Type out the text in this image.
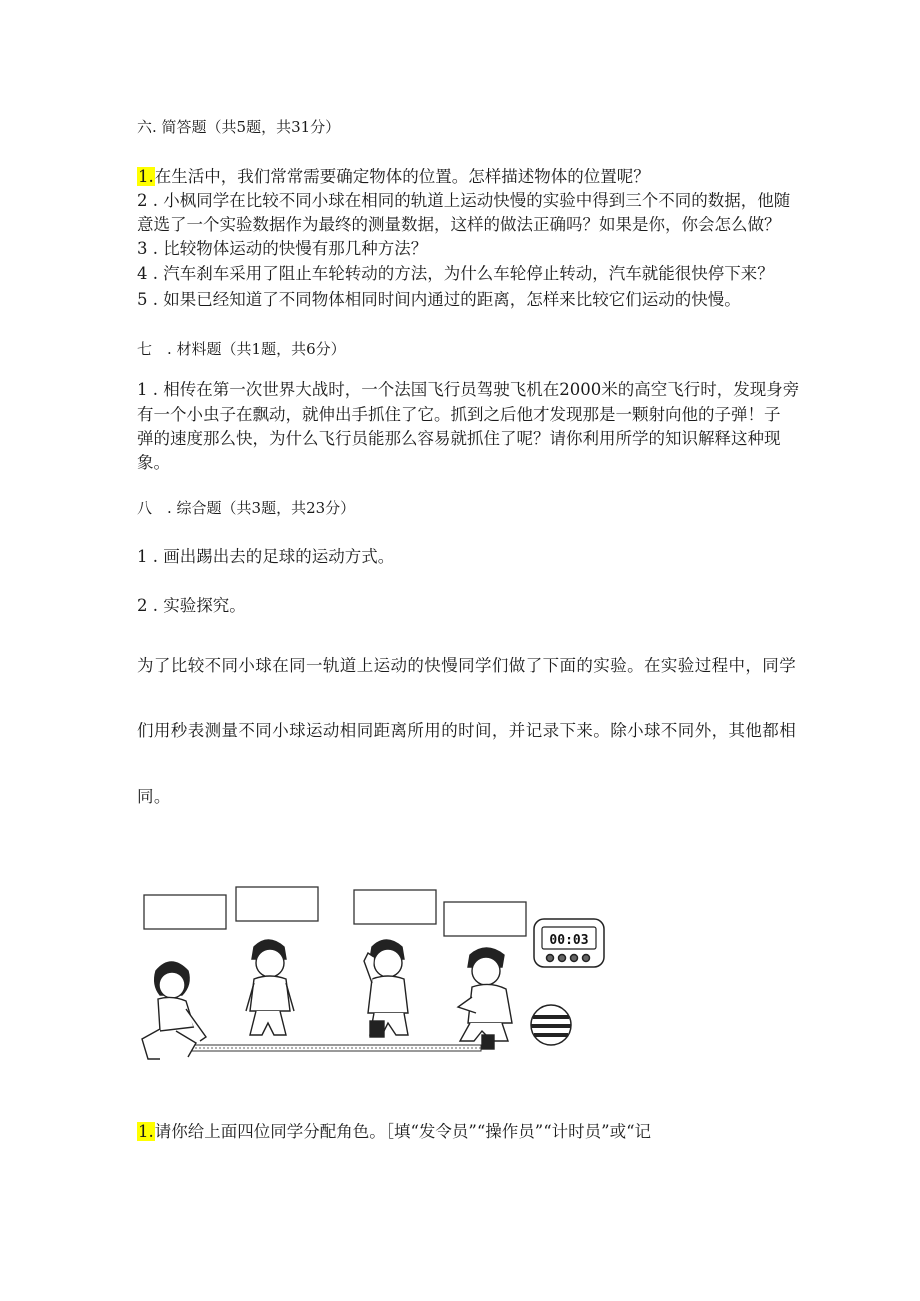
六. 简答题（共5题，共31分）
1.在生活中，我们常常需要确定物体的位置。怎样描述物体的位置呢？
2 . 小枫同学在比较不同小球在相同的轨道上运动快慢的实验中得到三个不同的数据，他随
意选了一个实验数据作为最终的测量数据，这样的做法正确吗？如果是你，你会怎么做？
3 . 比较物体运动的快慢有那几种方法？
4 . 汽车刹车采用了阻止车轮转动的方法，为什么车轮停止转动，汽车就能很快停下来？
5 . 如果已经知道了不同物体相同时间内通过的距离，怎样来比较它们运动的快慢。
七　. 材料题（共1题，共6分）
1 . 相传在第一次世界大战时，一个法国飞行员驾驶飞机在2000米的高空飞行时，发现身旁
有一个小虫子在飘动，就伸出手抓住了它。抓到之后他才发现那是一颗射向他的子弹！子
弹的速度那么快，为什么飞行员能那么容易就抓住了呢？请你利用所学的知识解释这种现
象。
八　. 综合题（共3题，共23分）
1 . 画出踢出去的足球的运动方式。
2 . 实验探究。
为了比较不同小球在同一轨道上运动的快慢同学们做了下面的实验。在实验过程中，同学
们用秒表测量不同小球运动相同距离所用的时间，并记录下来。除小球不同外，其他都相
同。
00:03
1.请你给上面四位同学分配角色。［填“发令员”“操作员”“计时员”或“记
